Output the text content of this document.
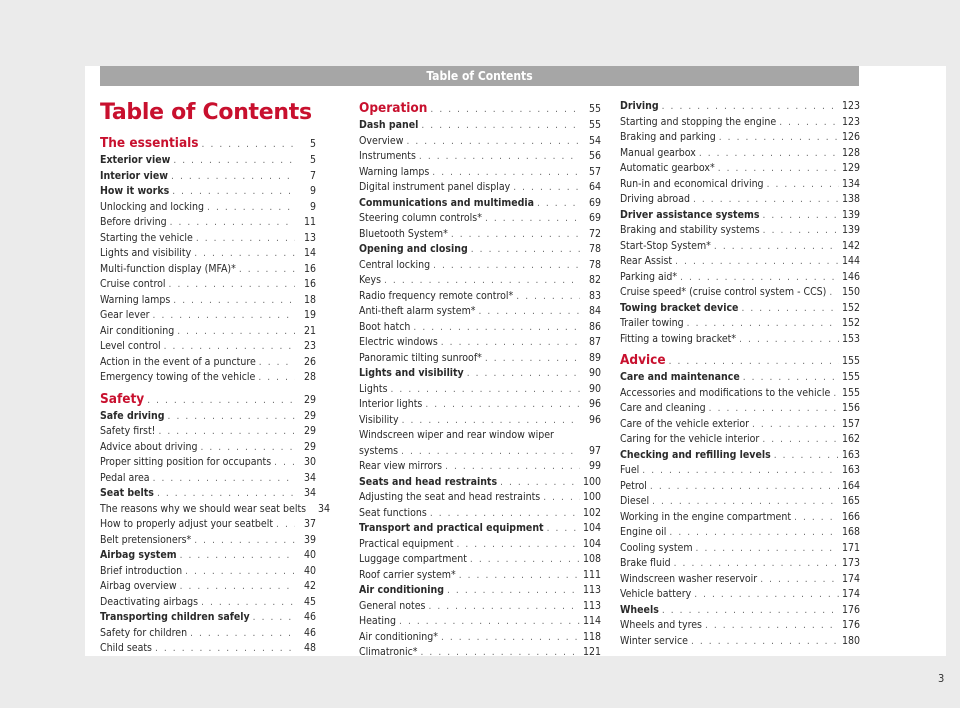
Table of Contents
Table of Contents
The essentials . . .	5
Exterior view . . .	5
Interior view . . .	7
How it works . . .	9
Unlocking and locking . . .	9
Before driving . . .	11
Starting the vehicle . . .	13
Lights and visibility . . .	14
Multi-function display (MFA)* . . .	16
Cruise control . . .	16
Warning lamps . . .	18
Gear lever . . .	19
Air conditioning . . .	21
Level control . . .	23
Action in the event of a puncture . . .	26
Emergency towing of the vehicle . . .	28
Safety . . .	29
Safe driving . . .	29
Safety first! . . .	29
Advice about driving . . .	29
Proper sitting position for occupants . . .	30
Pedal area . . .	34
Seat belts . . .	34
The reasons why we should wear seat belts	34
How to properly adjust your seatbelt . . .	37
Belt pretensioners* . . .	39
Airbag system . . .	40
Brief introduction . . .	40
Airbag overview . . .	42
Deactivating airbags . . .	45
Transporting children safely . . .	46
Safety for children . . .	46
Child seats . . .	48
Operation . . .	55
Dash panel . . .	55
Overview . . .	54
Instruments . . .	56
Warning lamps . . .	57
Digital instrument panel display . . .	64
Communications and multimedia . . .	69
Steering column controls* . . .	69
Bluetooth System* . . .	72
Opening and closing . . .	78
Central locking . . .	78
Keys . . .	82
Radio frequency remote control* . . .	83
Anti-theft alarm system* . . .	84
Boot hatch . . .	86
Electric windows . . .	87
Panoramic tilting sunroof* . . .	89
Lights and visibility . . .	90
Lights . . .	90
Interior lights . . .	96
Visibility . . .	96
Windscreen wiper and rear window wiper
systems . . .	97
Rear view mirrors . . .	99
Seats and head restraints . . .	100
Adjusting the seat and head restraints . . .	100
Seat functions . . .	102
Transport and practical equipment . . .	104
Practical equipment . . .	104
Luggage compartment . . .	108
Roof carrier system* . . .	111
Air conditioning . . .	113
General notes . . .	113
Heating . . .	114
Air conditioning* . . .	118
Climatronic* . . .	121
Driving . . .	123
Starting and stopping the engine . . .	123
Braking and parking . . .	126
Manual gearbox . . .	128
Automatic gearbox* . . .	129
Run-in and economical driving . . .	134
Driving abroad . . .	138
Driver assistance systems . . .	139
Braking and stability systems . . .	139
Start-Stop System* . . .	142
Rear Assist . . .	144
Parking aid* . . .	146
Cruise speed* (cruise control system - CCS) . . . 150
Towing bracket device . . .	152
Trailer towing . . .	152
Fitting a towing bracket* . . .	153
Advice . . .	155
Care and maintenance . . .	155
Accessories and modifications to the vehicle . . . 155
Care and cleaning . . .	156
Care of the vehicle exterior . . .	157
Caring for the vehicle interior . . .	162
Checking and refilling levels . . .	163
Fuel . . .	163
Petrol . . .	164
Diesel . . .	165
Working in the engine compartment . . .	166
Engine oil . . .	168
Cooling system . . .	171
Brake fluid . . .	173
Windscreen washer reservoir . . .	174
Vehicle battery . . .	174
Wheels . . .	176
Wheels and tyres . . .	176
Winter service . . .	180
3
